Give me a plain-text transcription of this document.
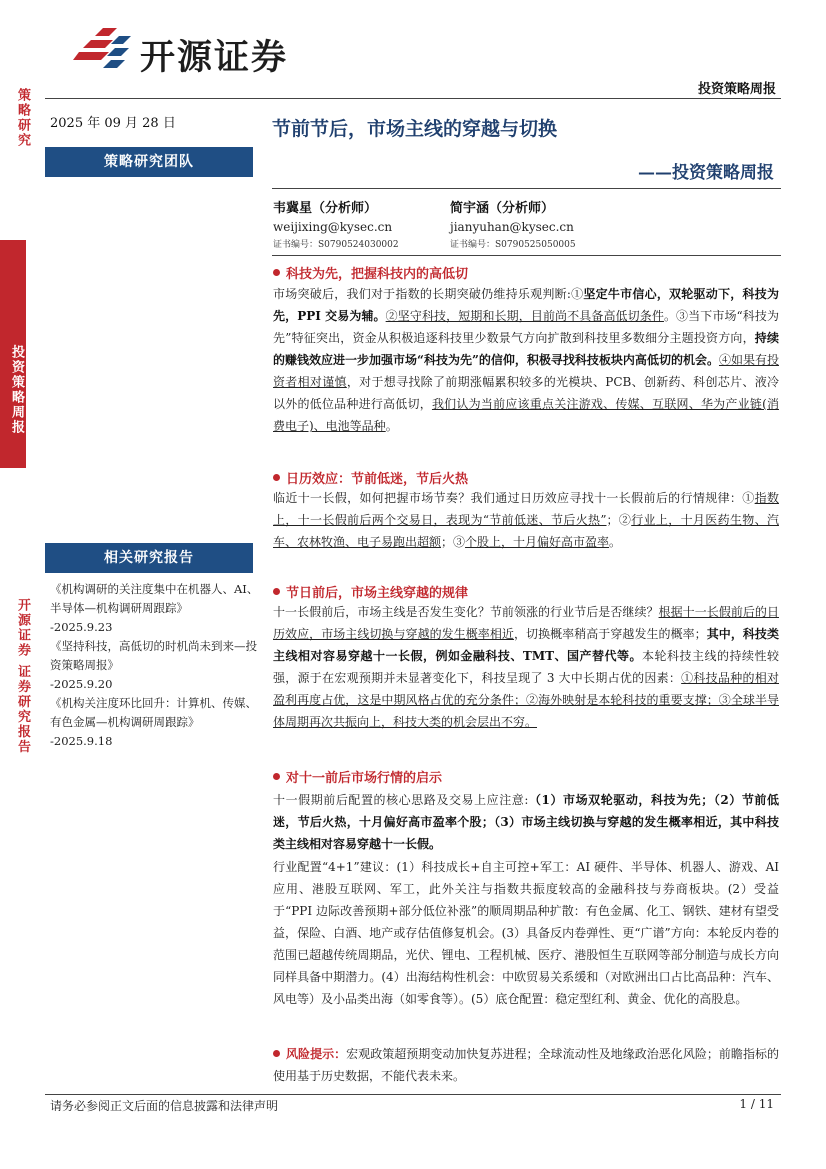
开源证券
投资策略周报
策略研究
投资策略周报
开源证券 证券研究报告
2025 年 09 月 28 日
策略研究团队
相关研究报告
《机构调研的关注度集中在机器人、AI、半导体—机构调研周跟踪》
-2025.9.23
《坚持科技，高低切的时机尚未到来—投资策略周报》
-2025.9.20
《机构关注度环比回升：计算机、传媒、有色金属—机构调研周跟踪》
-2025.9.18
节前节后，市场主线的穿越与切换
——投资策略周报
韦冀星（分析师）
weijixing@kysec.cn
证书编号：S0790524030002
简宇涵（分析师）
jianyuhan@kysec.cn
证书编号：S0790525050005
科技为先，把握科技内的高低切
市场突破后，我们对于指数的长期突破仍维持乐观判断:①坚定牛市信心，双轮驱动下，科技为先，PPI 交易为辅。②坚守科技，短期和长期，目前尚不具备高低切条件。③当下市场“科技为先”特征突出，资金从积极追逐科技里少数景气方向扩散到科技里多数细分主题投资方向，持续的赚钱效应进一步加强市场“科技为先”的信仰，积极寻找科技板块内高低切的机会。④如果有投资者相对谨慎，对于想寻找除了前期涨幅累积较多的光模块、PCB、创新药、科创芯片、液冷以外的低位品种进行高低切，我们认为当前应该重点关注游戏、传媒、互联网、华为产业链(消费电子)、电池等品种。
日历效应：节前低迷，节后火热
临近十一长假，如何把握市场节奏？我们通过日历效应寻找十一长假前后的行情规律：①指数上，十一长假前后两个交易日，表现为“节前低迷、节后火热”；②行业上，十月医药生物、汽车、农林牧渔、电子易跑出超额；③个股上，十月偏好高市盈率。
节日前后，市场主线穿越的规律
十一长假前后，市场主线是否发生变化？节前领涨的行业节后是否继续？根据十一长假前后的日历效应，市场主线切换与穿越的发生概率相近，切换概率稍高于穿越发生的概率；其中，科技类主线相对容易穿越十一长假，例如金融科技、TMT、国产替代等。本轮科技主线的持续性较强，源于在宏观预期并未显著变化下，科技呈现了 3 大中长期占优的因素：①科技品种的相对盈利再度占优，这是中期风格占优的充分条件；②海外映射是本轮科技的重要支撑；③全球半导体周期再次共振向上，科技大类的机会层出不穷。
对十一前后市场行情的启示
十一假期前后配置的核心思路及交易上应注意:（1）市场双轮驱动，科技为先；（2）节前低迷，节后火热，十月偏好高市盈率个股；（3）市场主线切换与穿越的发生概率相近，其中科技类主线相对容易穿越十一长假。
行业配置“4+1”建议：(1）科技成长+自主可控+军工：AI 硬件、半导体、机器人、游戏、AI 应用、港股互联网、军工，此外关注与指数共振度较高的金融科技与券商板块。(2）受益于“PPI 边际改善预期+部分低位补涨”的顺周期品种扩散：有色金属、化工、钢铁、建材有望受益，保险、白酒、地产或存估值修复机会。(3）具备反内卷弹性、更“广谱”方向：本轮反内卷的范围已超越传统周期品，光伏、锂电、工程机械、医疗、港股恒生互联网等部分制造与成长方向同样具备中期潜力。(4）出海结构性机会：中欧贸易关系缓和（对欧洲出口占比高品种：汽车、风电等）及小品类出海（如零食等）。(5）底仓配置：稳定型红利、黄金、优化的高股息。
风险提示：宏观政策超预期变动加快复苏进程；全球流动性及地缘政治恶化风险；前瞻指标的使用基于历史数据，不能代表未来。
请务必参阅正文后面的信息披露和法律声明	1 / 11
